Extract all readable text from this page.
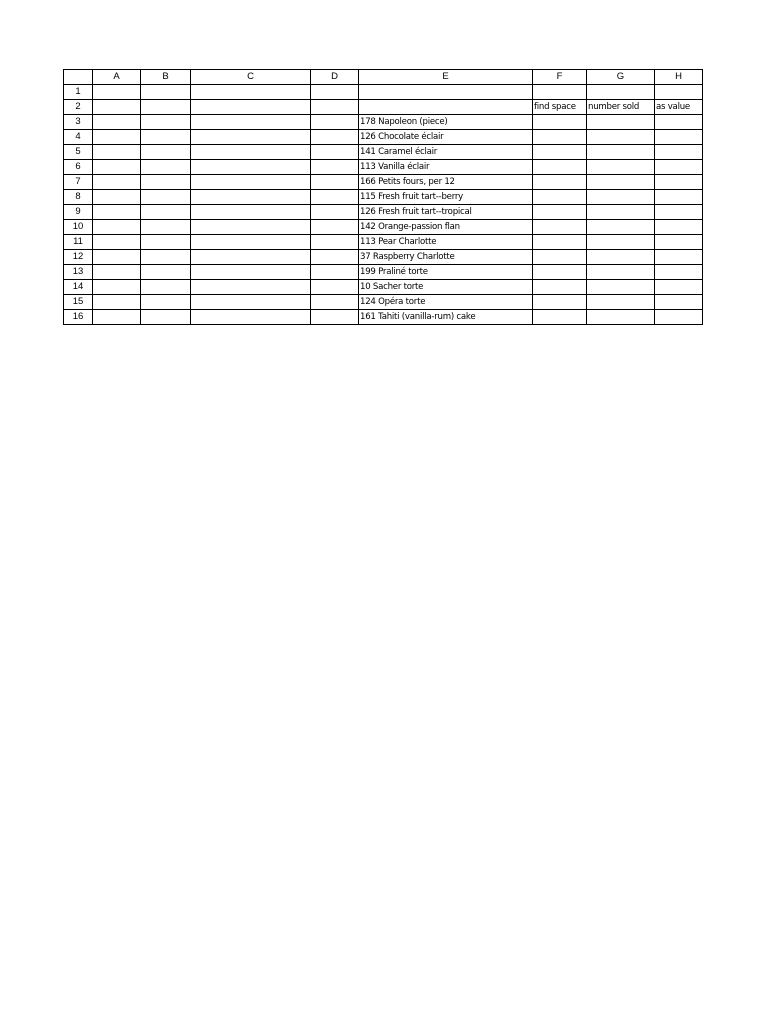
	A	B	C	D	E	F	G	H
1								
2						find space	number sold	as value
3					178 Napoleon (piece)			
4					126 Chocolate éclair			
5					141 Caramel éclair			
6					113 Vanilla éclair			
7					166 Petits fours, per 12			
8					115 Fresh fruit tart--berry			
9					126 Fresh fruit tart--tropical			
10					142 Orange-passion flan			
11					113 Pear Charlotte			
12					37 Raspberry Charlotte			
13					199 Praliné torte			
14					10 Sacher torte			
15					124 Opéra torte			
16					161 Tahiti (vanilla-rum) cake			
